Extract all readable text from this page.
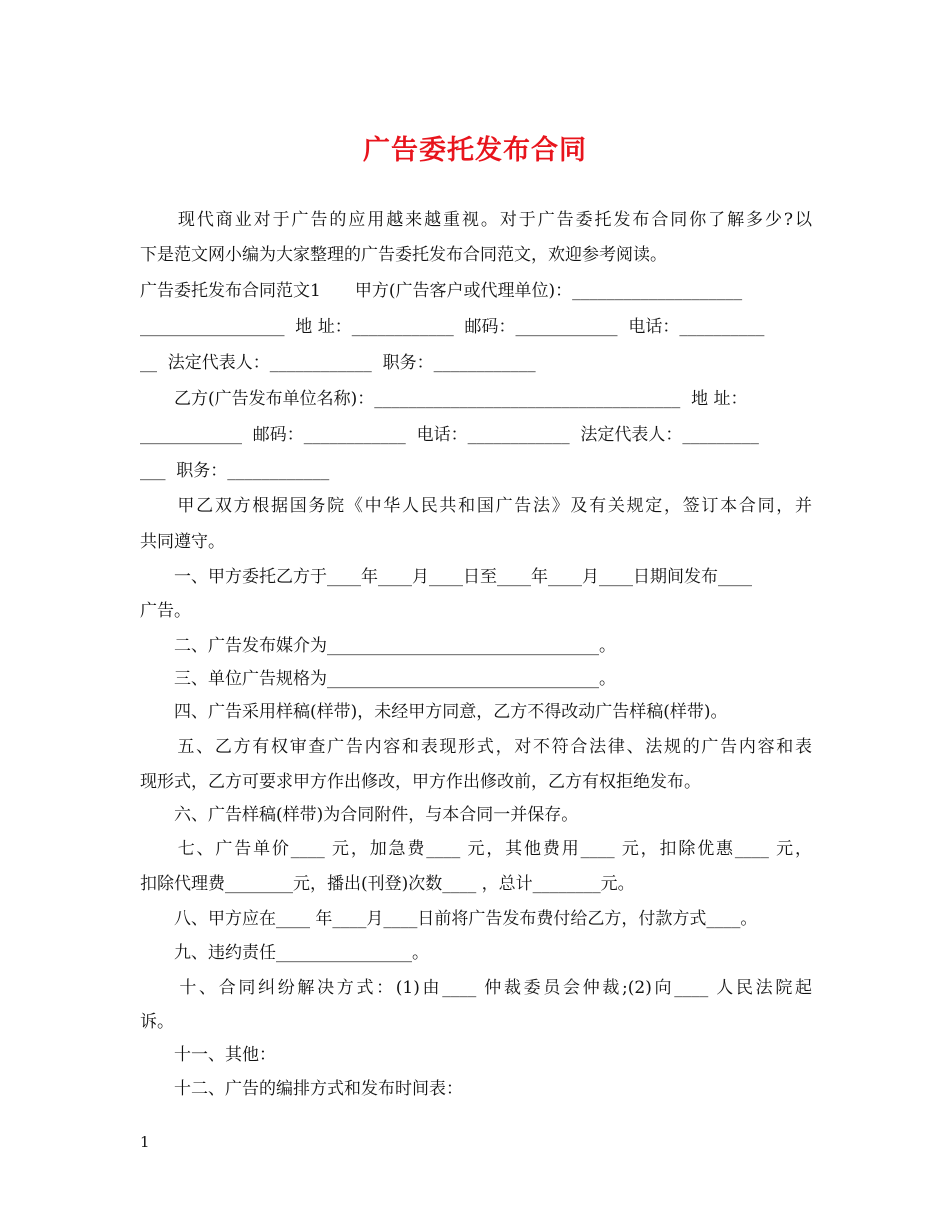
广告委托发布合同
　　现代商业对于广告的应用越来越重视。对于广告委托发布合同你了解多少?以
下是范文网小编为大家整理的广告委托发布合同范文，欢迎参考阅读。
广告委托发布合同范文1　　甲方(广告客户或代理单位)：____________________
_________________  地 址：____________  邮码：____________  电话：__________
__  法定代表人：____________  职务：____________
　　乙方(广告发布单位名称)：____________________________________  地 址：
____________  邮码：____________  电话：____________  法定代表人：_________
___  职务：____________
　　甲乙双方根据国务院《中华人民共和国广告法》及有关规定，签订本合同，并
共同遵守。
　　一、甲方委托乙方于____年____月____日至____年____月____日期间发布____
广告。
　　二、广告发布媒介为________________________________。
　　三、单位广告规格为________________________________。
　　四、广告采用样稿(样带)，未经甲方同意，乙方不得改动广告样稿(样带)。
　　五、乙方有权审查广告内容和表现形式，对不符合法律、法规的广告内容和表
现形式，乙方可要求甲方作出修改，甲方作出修改前，乙方有权拒绝发布。
　　六、广告样稿(样带)为合同附件，与本合同一并保存。
　　七、广告单价____ 元，加急费____ 元，其他费用____ 元，扣除优惠____ 元，
扣除代理费________元，播出(刊登)次数____ ，总计________元。
　　八、甲方应在____ 年____月____日前将广告发布费付给乙方，付款方式____。
　　九、违约责任________________。
　　十、合同纠纷解决方式：(1)由____ 仲裁委员会仲裁;(2)向____ 人民法院起
诉。
　　十一、其他：
　　十二、广告的编排方式和发布时间表：
1
